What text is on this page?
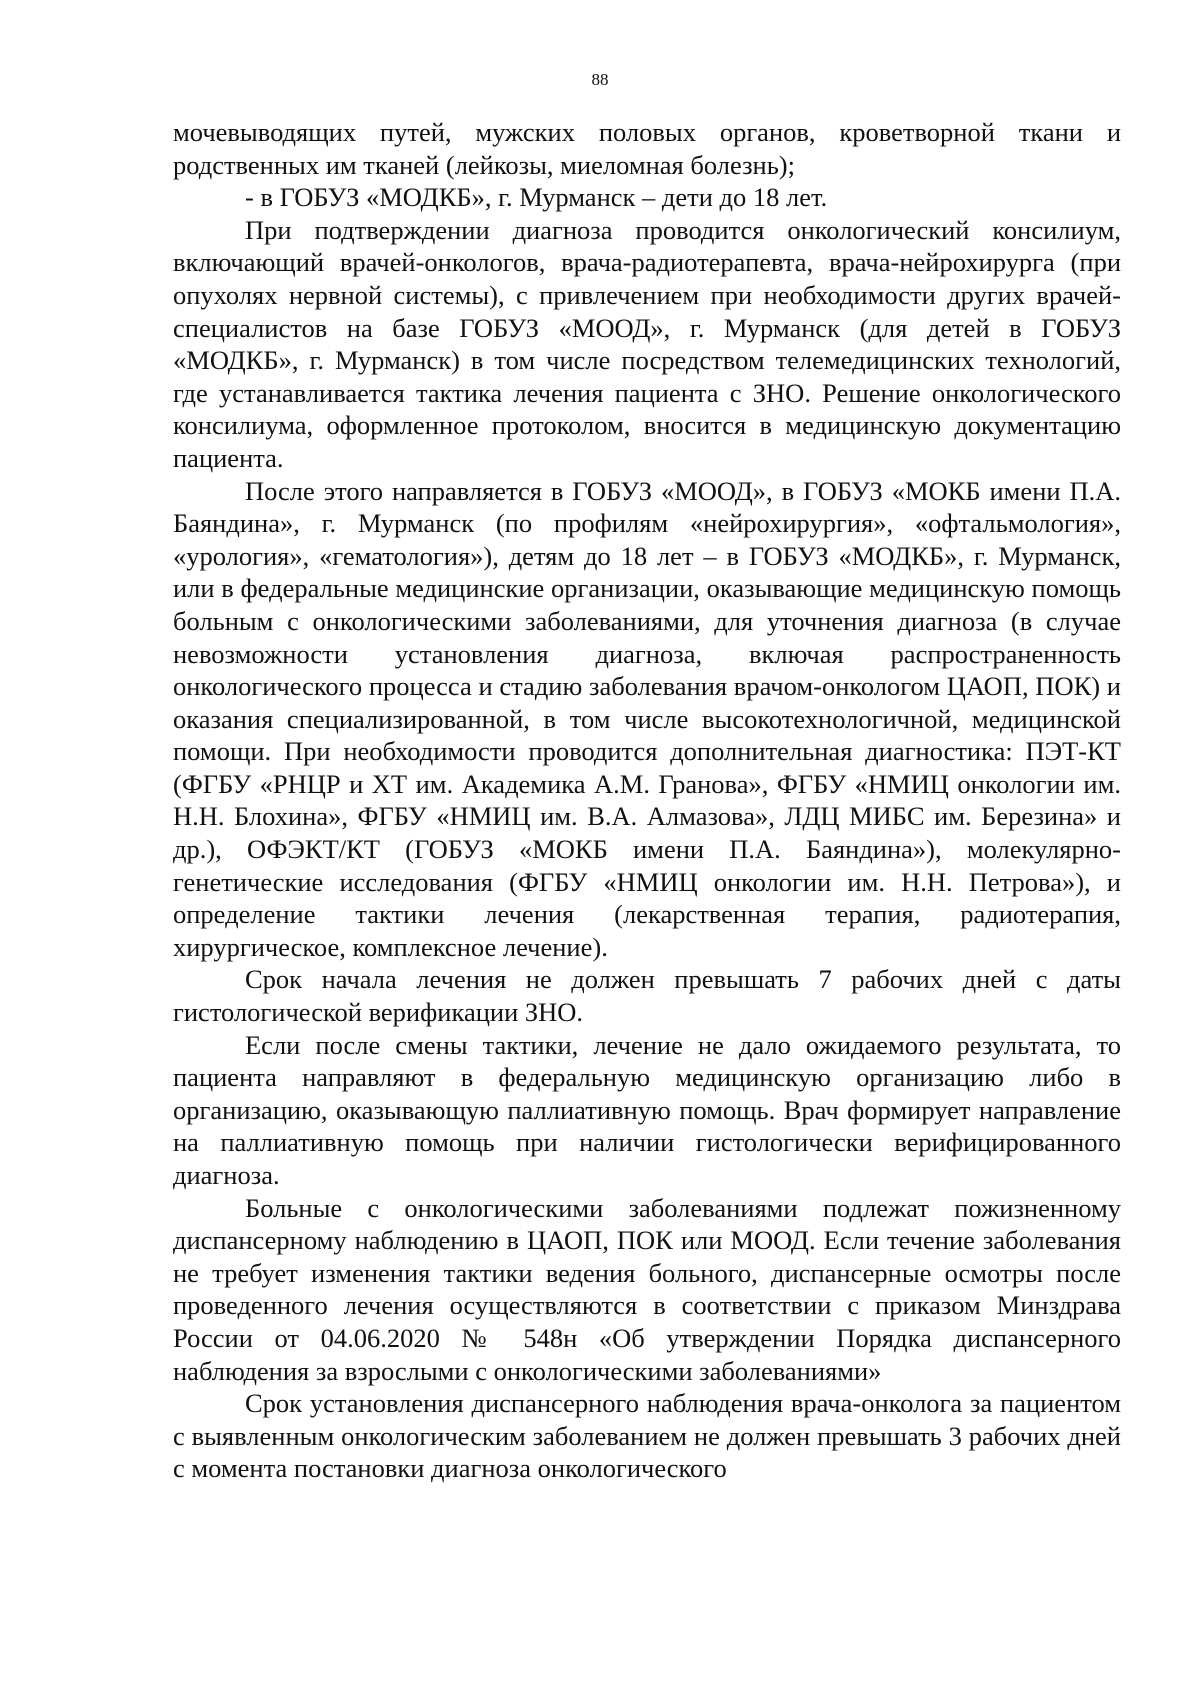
88

мочевыводящих путей, мужских половых органов, кроветворной ткани и родственных им тканей (лейкозы, миеломная болезнь);

- в ГОБУЗ «МОДКБ», г. Мурманск – дети до 18 лет.

При подтверждении диагноза проводится онкологический консилиум, включающий врачей-онкологов, врача-радиотерапевта, врача-нейрохирурга (при опухолях нервной системы), с привлечением при необходимости других врачей-специалистов на базе ГОБУЗ «МООД», г. Мурманск (для детей в ГОБУЗ «МОДКБ», г. Мурманск) в том числе посредством телемедицинских технологий, где устанавливается тактика лечения пациента с ЗНО. Решение онкологического консилиума, оформленное протоколом, вносится в медицинскую документацию пациента.

После этого направляется в ГОБУЗ «МООД», в ГОБУЗ «МОКБ имени П.А. Баяндина», г. Мурманск (по профилям «нейрохирургия», «офтальмология», «урология», «гематология»), детям до 18 лет – в ГОБУЗ «МОДКБ», г. Мурманск, или в федеральные медицинские организации, оказывающие медицинскую помощь больным с онкологическими заболеваниями, для уточнения диагноза (в случае невозможности установления диагноза, включая распространенность онкологического процесса и стадию заболевания врачом-онкологом ЦАОП, ПОК) и оказания специализированной, в том числе высокотехнологичной, медицинской помощи. При необходимости проводится дополнительная диагностика: ПЭТ-КТ (ФГБУ «РНЦР и ХТ им. Академика А.М. Гранова», ФГБУ «НМИЦ онкологии им. Н.Н. Блохина», ФГБУ «НМИЦ им. В.А. Алмазова», ЛДЦ МИБС им. Березина» и др.), ОФЭКТ/КТ (ГОБУЗ «МОКБ имени П.А. Баяндина»), молекулярно-генетические исследования (ФГБУ «НМИЦ онкологии им. Н.Н. Петрова»), и определение тактики лечения (лекарственная терапия, радиотерапия, хирургическое, комплексное лечение).

Срок начала лечения не должен превышать 7 рабочих дней с даты гистологической верификации ЗНО.

Если после смены тактики, лечение не дало ожидаемого результата, то пациента направляют в федеральную медицинскую организацию либо в организацию, оказывающую паллиативную помощь. Врач формирует направление на паллиативную помощь при наличии гистологически верифицированного диагноза.

Больные с онкологическими заболеваниями подлежат пожизненному диспансерному наблюдению в ЦАОП, ПОК или МООД. Если течение заболевания не требует изменения тактики ведения больного, диспансерные осмотры после проведенного лечения осуществляются в соответствии с приказом Минздрава России от 04.06.2020 № 548н «Об утверждении Порядка диспансерного наблюдения за взрослыми с онкологическими заболеваниями»

Срок установления диспансерного наблюдения врача-онколога за пациентом с выявленным онкологическим заболеванием не должен превышать 3 рабочих дней с момента постановки диагноза онкологического
